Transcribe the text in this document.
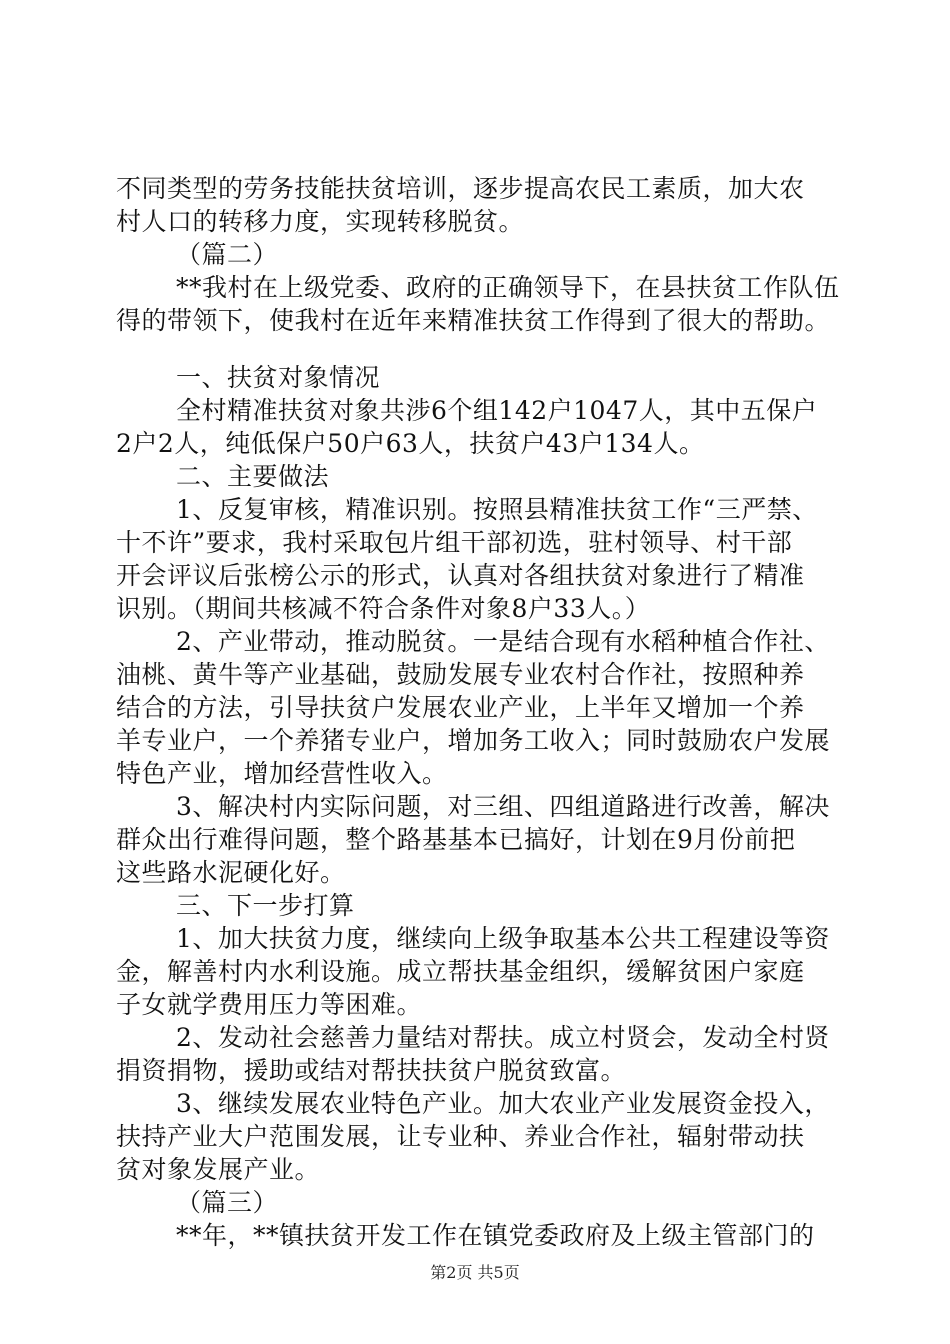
不同类型的劳务技能扶贫培训，逐步提高农民工素质，加大农
村人口的转移力度，实现转移脱贫。
（篇二）
**我村在上级党委、政府的正确领导下，在县扶贫工作队伍
得的带领下，使我村在近年来精准扶贫工作得到了很大的帮助。
一、扶贫对象情况
全村精准扶贫对象共涉6个组142户1047人，其中五保户
2户2人，纯低保户50户63人，扶贫户43户134人。
二、主要做法
1、反复审核，精准识别。按照县精准扶贫工作“三严禁、
十不许”要求，我村采取包片组干部初选，驻村领导、村干部
开会评议后张榜公示的形式，认真对各组扶贫对象进行了精准
识别。（期间共核减不符合条件对象8户33人。）
2、产业带动，推动脱贫。一是结合现有水稻种植合作社、
油桃、黄牛等产业基础，鼓励发展专业农村合作社，按照种养
结合的方法，引导扶贫户发展农业产业，上半年又增加一个养
羊专业户，一个养猪专业户，增加务工收入；同时鼓励农户发展
特色产业，增加经营性收入。
3、解决村内实际问题，对三组、四组道路进行改善，解决
群众出行难得问题，整个路基基本已搞好，计划在9月份前把
这些路水泥硬化好。
三、下一步打算
1、加大扶贫力度，继续向上级争取基本公共工程建设等资
金，解善村内水利设施。成立帮扶基金组织，缓解贫困户家庭
子女就学费用压力等困难。
2、发动社会慈善力量结对帮扶。成立村贤会，发动全村贤
捐资捐物，援助或结对帮扶扶贫户脱贫致富。
3、继续发展农业特色产业。加大农业产业发展资金投入，
扶持产业大户范围发展，让专业种、养业合作社，辐射带动扶
贫对象发展产业。
（篇三）
**年，**镇扶贫开发工作在镇党委政府及上级主管部门的
第2页 共5页
